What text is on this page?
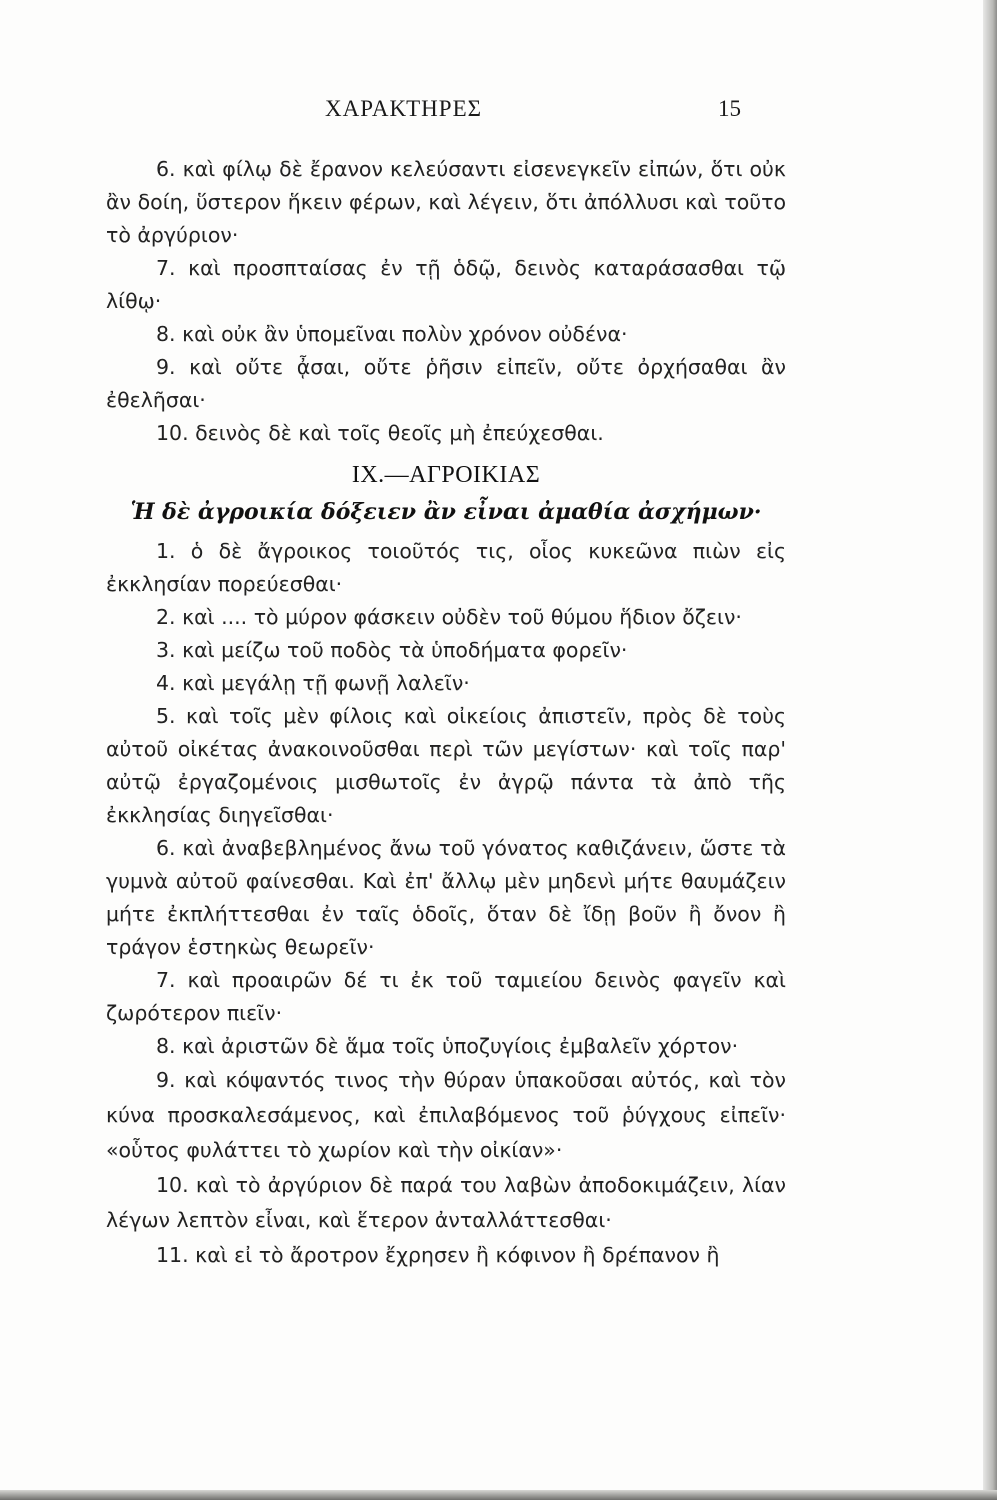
ΧΑΡΑΚΤΗΡΕΣ	15

6. καὶ φίλῳ δὲ ἔρανον κελεύσαντι εἰσενεγκεῖν εἰπών, ὅτι οὐκ ἂν δοίη, ὕστερον ἥκειν φέρων, καὶ λέγειν, ὅτι ἀπόλλυσι καὶ τοῦτο τὸ ἀργύριον·

7. καὶ προσπταίσας ἐν τῇ ὁδῷ, δεινὸς καταράσασθαι τῷ λίθῳ·

8. καὶ οὐκ ἂν ὑπομεῖναι πολὺν χρόνον οὐδένα·

9. καὶ οὔτε ᾆσαι, οὔτε ῥῆσιν εἰπεῖν, οὔτε ὀρχήσαθαι ἂν ἐθελῆσαι·

10. δεινὸς δὲ καὶ τοῖς θεοῖς μὴ ἐπεύχεσθαι.

IX.—ΑΓΡΟΙΚΙΑΣ
Ἡ δὲ ἀγροικία δόξειεν ἂν εἶναι ἀμαθία ἀσχήμων·

1. ὁ δὲ ἄγροικος τοιοῦτός τις, οἷος κυκεῶνα πιὼν εἰς ἐκκλησίαν πορεύεσθαι·

2. καὶ .... τὸ μύρον φάσκειν οὐδὲν τοῦ θύμου ἥδιον ὄζειν·

3. καὶ μείζω τοῦ ποδὸς τὰ ὑποδήματα φορεῖν·

4. καὶ μεγάλῃ τῇ φωνῇ λαλεῖν·

5. καὶ τοῖς μὲν φίλοις καὶ οἰκείοις ἀπιστεῖν, πρὸς δὲ τοὺς αὐτοῦ οἰκέτας ἀνακοινοῦσθαι περὶ τῶν μεγίστων· καὶ τοῖς παρ' αὐτῷ ἐργαζομένοις μισθωτοῖς ἐν ἀγρῷ πάντα τὰ ἀπὸ τῆς ἐκκλησίας διηγεῖσθαι·

6. καὶ ἀναβεβλημένος ἄνω τοῦ γόνατος καθιζάνειν, ὥστε τὰ γυμνὰ αὐτοῦ φαίνεσθαι. Καὶ ἐπ' ἄλλῳ μὲν μηδενὶ μήτε θαυμάζειν μήτε ἐκπλήττεσθαι ἐν ταῖς ὁδοῖς, ὅταν δὲ ἴδῃ βοῦν ἢ ὄνον ἢ τράγον ἑστηκὼς θεωρεῖν·

7. καὶ προαιρῶν δέ τι ἐκ τοῦ ταμιείου δεινὸς φαγεῖν καὶ ζωρότερον πιεῖν·

8. καὶ ἀριστῶν δὲ ἅμα τοῖς ὑποζυγίοις ἐμβαλεῖν χόρτον·

9. καὶ κόψαντός τινος τὴν θύραν ὑπακοῦσαι αὐτός, καὶ τὸν κύνα προσκαλεσάμενος, καὶ ἐπιλαβόμενος τοῦ ῥύγχους εἰπεῖν· «οὗτος φυλάττει τὸ χωρίον καὶ τὴν οἰκίαν»·

10. καὶ τὸ ἀργύριον δὲ παρά του λαβὼν ἀποδοκιμάζειν, λίαν λέγων λεπτὸν εἶναι, καὶ ἕτερον ἀνταλλάττεσθαι·

11. καὶ εἰ τὸ ἄροτρον ἔχρησεν ἢ κόφινον ἢ δρέπανον ἢ
